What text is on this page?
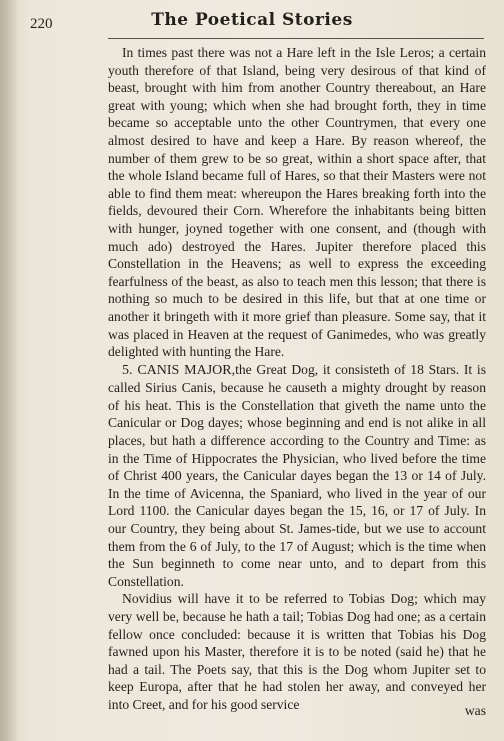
220	The Poetical Stories

In times past there was not a Hare left in the Isle Leros; a certain youth therefore of that Island, being very desirous of that kind of beast, brought with him from another Country thereabout, an Hare great with young; which when she had brought forth, they in time became so acceptable unto the other Countrymen, that every one almost desired to have and keep a Hare. By reason whereof, the number of them grew to be so great, within a short space after, that the whole Island became full of Hares, so that their Masters were not able to find them meat: whereupon the Hares breaking forth into the fields, devoured their Corn. Wherefore the inhabitants being bitten with hunger, joyned together with one consent, and (though with much ado) destroyed the Hares. Jupiter therefore placed this Constellation in the Heavens; as well to express the exceeding fearfulness of the beast, as also to teach men this lesson; that there is nothing so much to be desired in this life, but that at one time or another it bringeth with it more grief than pleasure. Some say, that it was placed in Heaven at the request of Ganimedes, who was greatly delighted with hunting the Hare.

5. CANIS MAJOR,the Great Dog, it consisteth of 18 Stars. It is called Sirius Canis, because he causeth a mighty drought by reason of his heat. This is the Constellation that giveth the name unto the Canicular or Dog dayes; whose beginning and end is not alike in all places, but hath a difference according to the Country and Time: as in the Time of Hippocrates the Physician, who lived before the time of Christ 400 years, the Canicular dayes began the 13 or 14 of July. In the time of Avicenna, the Spaniard, who lived in the year of our Lord 1100. the Canicular dayes began the 15, 16, or 17 of July. In our Country, they being about St. James-tide, but we use to account them from the 6 of July, to the 17 of August; which is the time when the Sun beginneth to come near unto, and to depart from this Constellation.

Novidius will have it to be referred to Tobias Dog; which may very well be, because he hath a tail; Tobias Dog had one; as a certain fellow once concluded: because it is written that Tobias his Dog fawned upon his Master, therefore it is to be noted (said he) that he had a tail. The Poets say, that this is the Dog whom Jupiter set to keep Europa, after that he had stolen her away, and conveyed her into Creet, and for his good service	was
